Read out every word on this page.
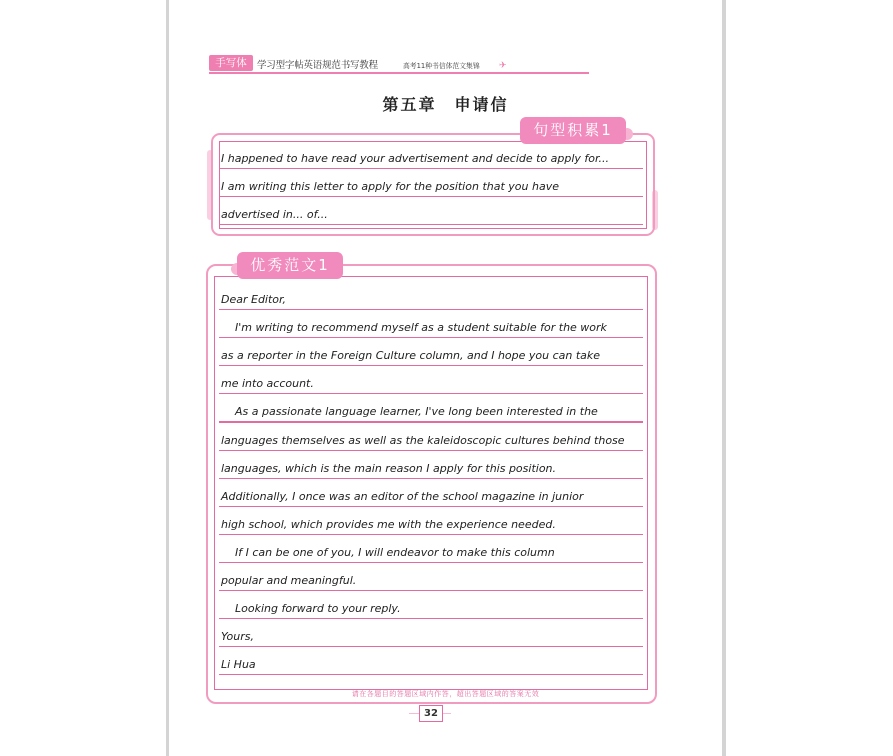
手写体	学习型字帖英语规范书写教程	高考11种书信体范文集锦 ✈
第五章　申请信
句型积累1
I happened to have read your advertisement and decide to apply for...
I am writing this letter to apply for the position that you have
advertised in... of...
优秀范文1
Dear Editor,
I'm writing to recommend myself as a student suitable for the work
as a reporter in the Foreign Culture column, and I hope you can take
me into account.
As a passionate language learner, I've long been interested in the
languages themselves as well as the kaleidoscopic cultures behind those
languages, which is the main reason I apply for this position.
Additionally, I once was an editor of the school magazine in junior
high school, which provides me with the experience needed.
If I can be one of you, I will endeavor to make this column
popular and meaningful.
Looking forward to your reply.
Yours,
Li Hua
请在各题目的答题区域内作答，超出答题区域的答案无效
32
